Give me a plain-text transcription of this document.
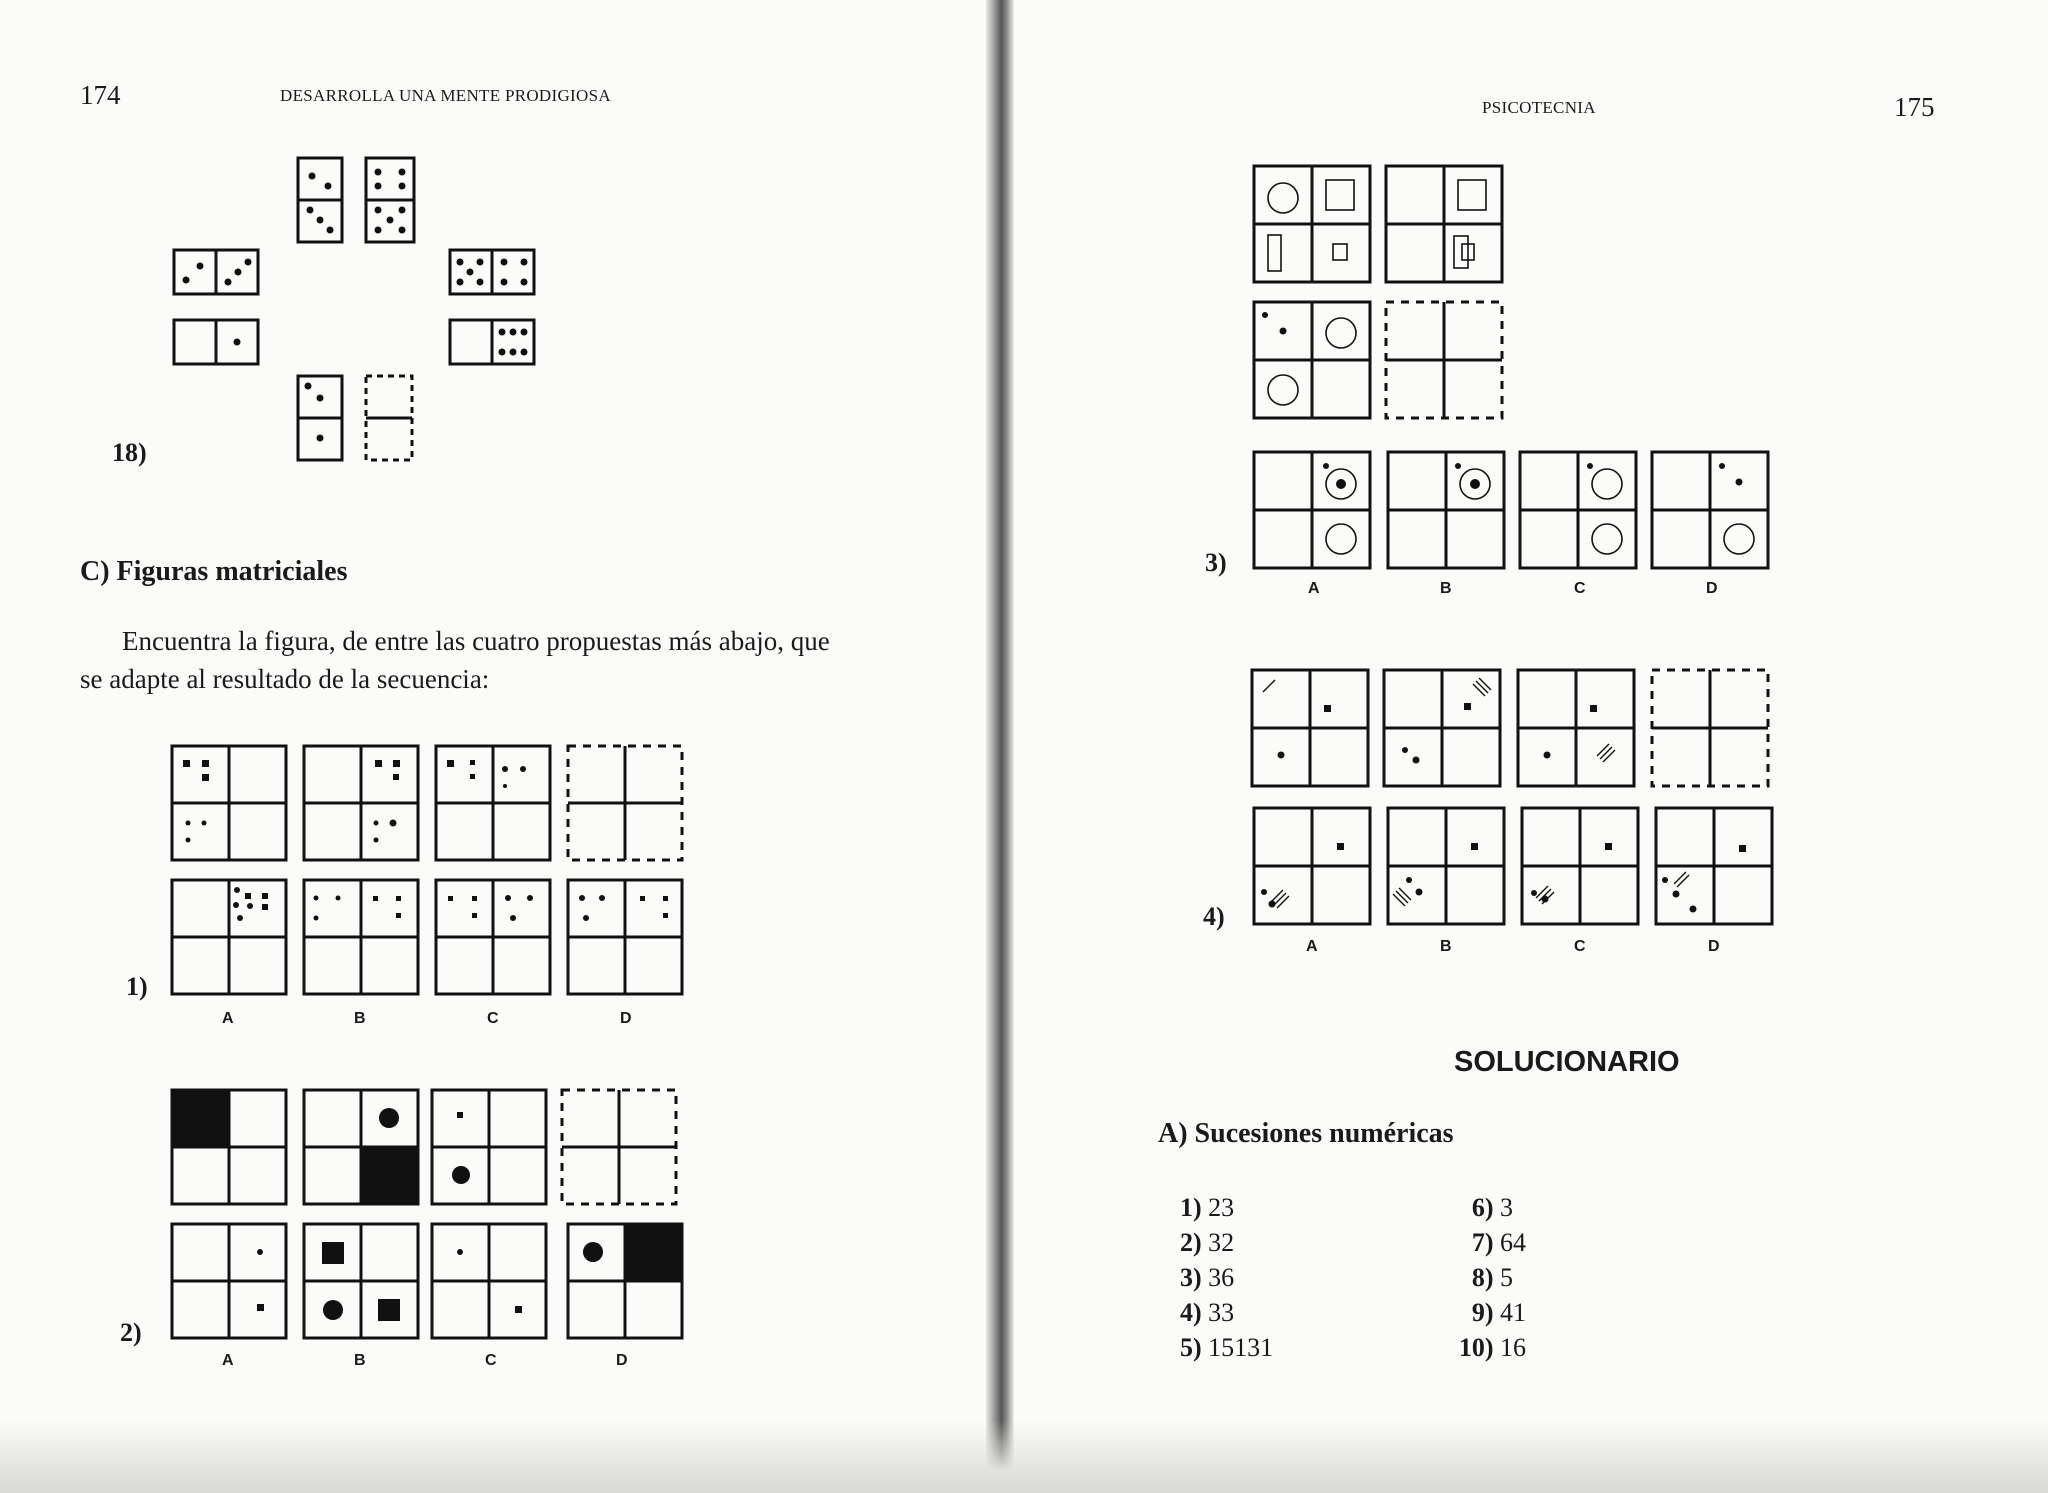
174	DESARROLLA UNA MENTE PRODIGIOSA
18)
C) Figuras matriciales
Encuentra la figura, de entre las cuatro propuestas más abajo, que
se adapte al resultado de la secuencia:
1)
A	B	C	D
2)
A	B	C	D
PSICOTECNIA	175
3)
A	B	C	D
4)
A	B	C	D
SOLUCIONARIO
A) Sucesiones numéricas
1) 23
2) 32
3) 36
4) 33
5) 15131
6) 3
7) 64
8) 5
9) 41
10) 16
